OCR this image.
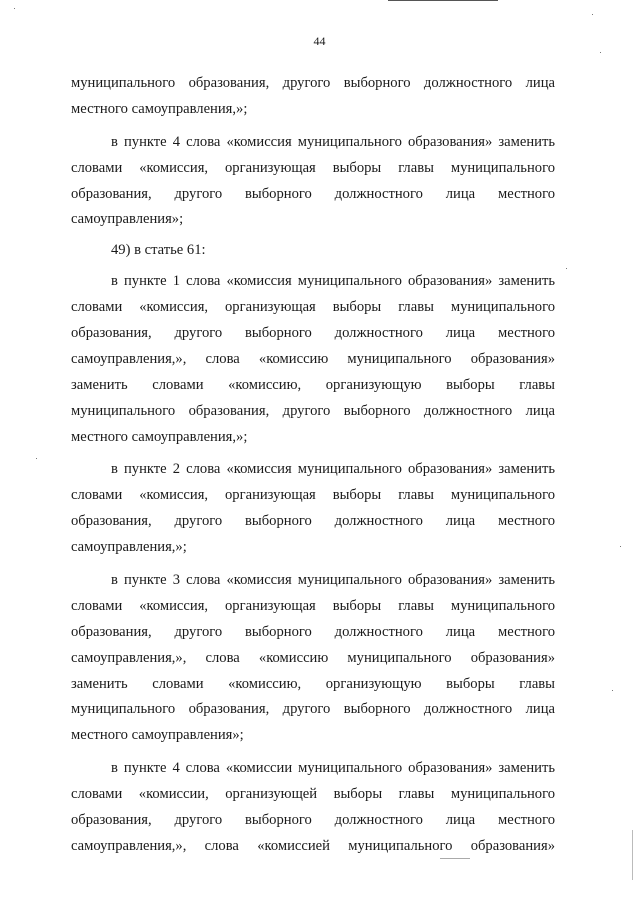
44
муниципального образования, другого выборного должностного лица
местного самоуправления,»;
в пункте 4 слова «комиссия муниципального образования» заменить
словами «комиссия, организующая выборы главы муниципального
образования, другого выборного должностного лица местного
самоуправления»;
49) в статье 61:
в пункте 1 слова «комиссия муниципального образования» заменить
словами «комиссия, организующая выборы главы муниципального
образования, другого выборного должностного лица местного
самоуправления,», слова «комиссию муниципального образования»
заменить словами «комиссию, организующую выборы главы
муниципального образования, другого выборного должностного лица
местного самоуправления,»;
в пункте 2 слова «комиссия муниципального образования» заменить
словами «комиссия, организующая выборы главы муниципального
образования, другого выборного должностного лица местного
самоуправления,»;
в пункте 3 слова «комиссия муниципального образования» заменить
словами «комиссия, организующая выборы главы муниципального
образования, другого выборного должностного лица местного
самоуправления,», слова «комиссию муниципального образования»
заменить словами «комиссию, организующую выборы главы
муниципального образования, другого выборного должностного лица
местного самоуправления»;
в пункте 4 слова «комиссии муниципального образования» заменить
словами «комиссии, организующей выборы главы муниципального
образования, другого выборного должностного лица местного
самоуправления,», слова «комиссией муниципального образования»
